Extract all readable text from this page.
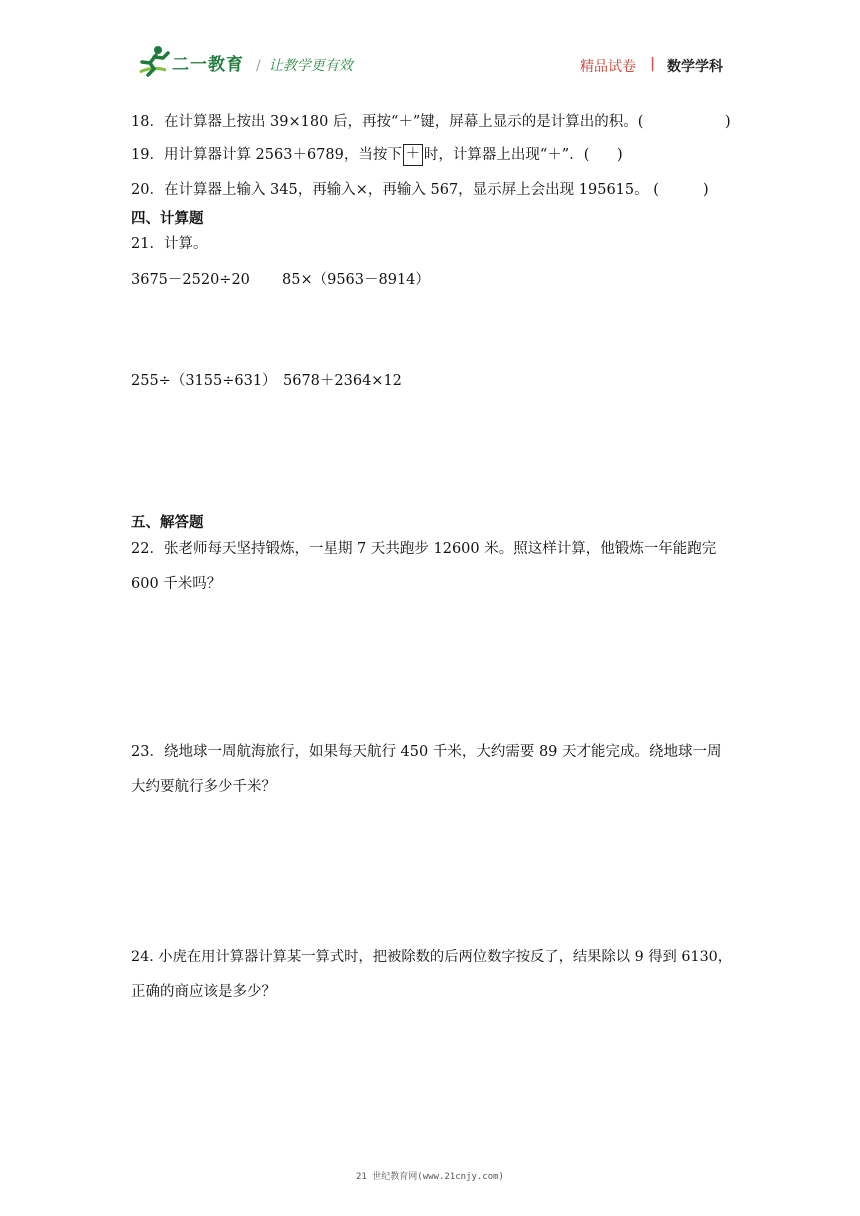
二一教育 / 让教学更有效	精品试卷 | 数学学科
18．在计算器上按出 39×180 后，再按“＋”键，屏幕上显示的是计算出的积。(	)
19．用计算器计算 2563＋6789，当按下 ＋ 时，计算器上出现“＋”．( )
20．在计算器上输入 345，再输入×，再输入 567，显示屏上会出现 195615。 (	)
四、计算题
21．计算。
3675－2520÷20 85×（9563－8914）
255÷（3155÷631） 5678＋2364×12
五、解答题
22．张老师每天坚持锻炼，一星期 7 天共跑步 12600 米。照这样计算，他锻炼一年能跑完
600 千米吗？
23．绕地球一周航海旅行，如果每天航行 450 千米，大约需要 89 天才能完成。绕地球一周
大约要航行多少千米？
24. 小虎在用计算器计算某一算式时，把被除数的后两位数字按反了，结果除以 9 得到 6130，
正确的商应该是多少？
21 世纪教育网(www.21cnjy.com)
